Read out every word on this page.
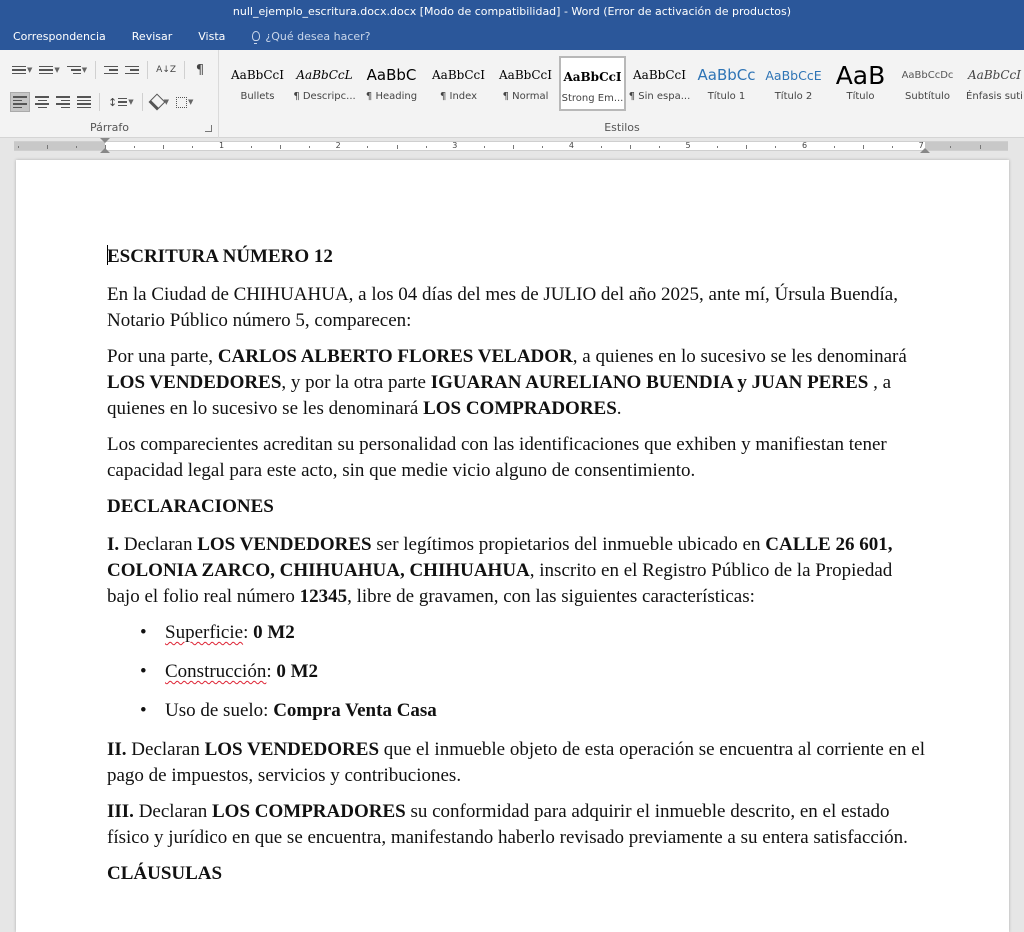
null_ejemplo_escritura.docx.docx [Modo de compatibilidad] - Word (Error de activación de productos)
Correspondencia	Revisar	Vista	¿Qué desea hacer?
▼	▼	▼	A↓Z ¶
↕ ▼	▼	▼
Párrafo
AaBbCcI
Bullets
AaBbCcL
¶ Descripc...
AaBbC
¶ Heading
AaBbCcI
¶ Index
AaBbCcI
¶ Normal
AaBbCcI
Strong Em...
AaBbCcI
¶ Sin espa...
AaBbCc
Título 1
AaBbCcE
Título 2
AaB
Título
AaBbCcDc
Subtítulo
AaBbCcI
Énfasis suti
Estilos
1	2	3	4	5	6	7

ESCRITURA NÚMERO 12

En la Ciudad de CHIHUAHUA, a los 04 días del mes de JULIO del año 2025, ante mí, Úrsula Buendía, Notario Público número 5, comparecen:

Por una parte, CARLOS ALBERTO FLORES VELADOR, a quienes en lo sucesivo se les denominará LOS VENDEDORES, y por la otra parte IGUARAN AURELIANO BUENDIA y JUAN PERES , a quienes en lo sucesivo se les denominará LOS COMPRADORES.

Los comparecientes acreditan su personalidad con las identificaciones que exhiben y manifiestan tener capacidad legal para este acto, sin que medie vicio alguno de consentimiento.

DECLARACIONES

I. Declaran LOS VENDEDORES ser legítimos propietarios del inmueble ubicado en CALLE 26 601, COLONIA ZARCO, CHIHUAHUA, CHIHUAHUA, inscrito en el Registro Público de la Propiedad bajo el folio real número 12345, libre de gravamen, con las siguientes características:

• Superficie: 0 M2
• Construcción: 0 M2
• Uso de suelo: Compra Venta Casa

II. Declaran LOS VENDEDORES que el inmueble objeto de esta operación se encuentra al corriente en el pago de impuestos, servicios y contribuciones.

III. Declaran LOS COMPRADORES su conformidad para adquirir el inmueble descrito, en el estado físico y jurídico en que se encuentra, manifestando haberlo revisado previamente a su entera satisfacción.

CLÁUSULAS
